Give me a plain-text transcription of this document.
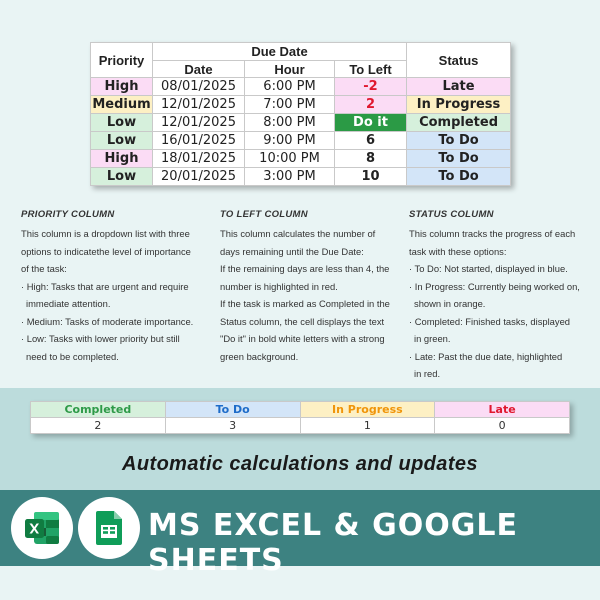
Priority	Due Date			Status
	Date	Hour	To Left	
High	08/01/2025	6:00 PM	-2	Late
Medium	12/01/2025	7:00 PM	2	In Progress
Low	12/01/2025	8:00 PM	Do it	Completed
Low	16/01/2025	9:00 PM	6	To Do
High	18/01/2025	10:00 PM	8	To Do
Low	20/01/2025	3:00 PM	10	To Do
PRIORITY COLUMN

This column is a dropdown list with three

options to indicatethe level of importance

of the task:

· High: Tasks that are urgent and require

immediate attention.

· Medium: Tasks of moderate importance.

· Low: Tasks with lower priority but still

need to be completed.

TO LEFT COLUMN

This column calculates the number of

days remaining until the Due Date:

If the remaining days are less than 4, the

number is highlighted in red.

If the task is marked as Completed in the

Status column, the cell displays the text

"Do it" in bold white letters with a strong

green background.

STATUS COLUMN

This column tracks the progress of each

task with these options:

· To Do: Not started, displayed in blue.

· In Progress: Currently being worked on,

shown in orange.

· Completed: Finished tasks, displayed

in green.

· Late: Past the due date, highlighted

in red.

Completed	To Do	In Progress	Late
2	3	1	0
Automatic calculations and updates
MS EXCEL & GOOGLE SHEETS
